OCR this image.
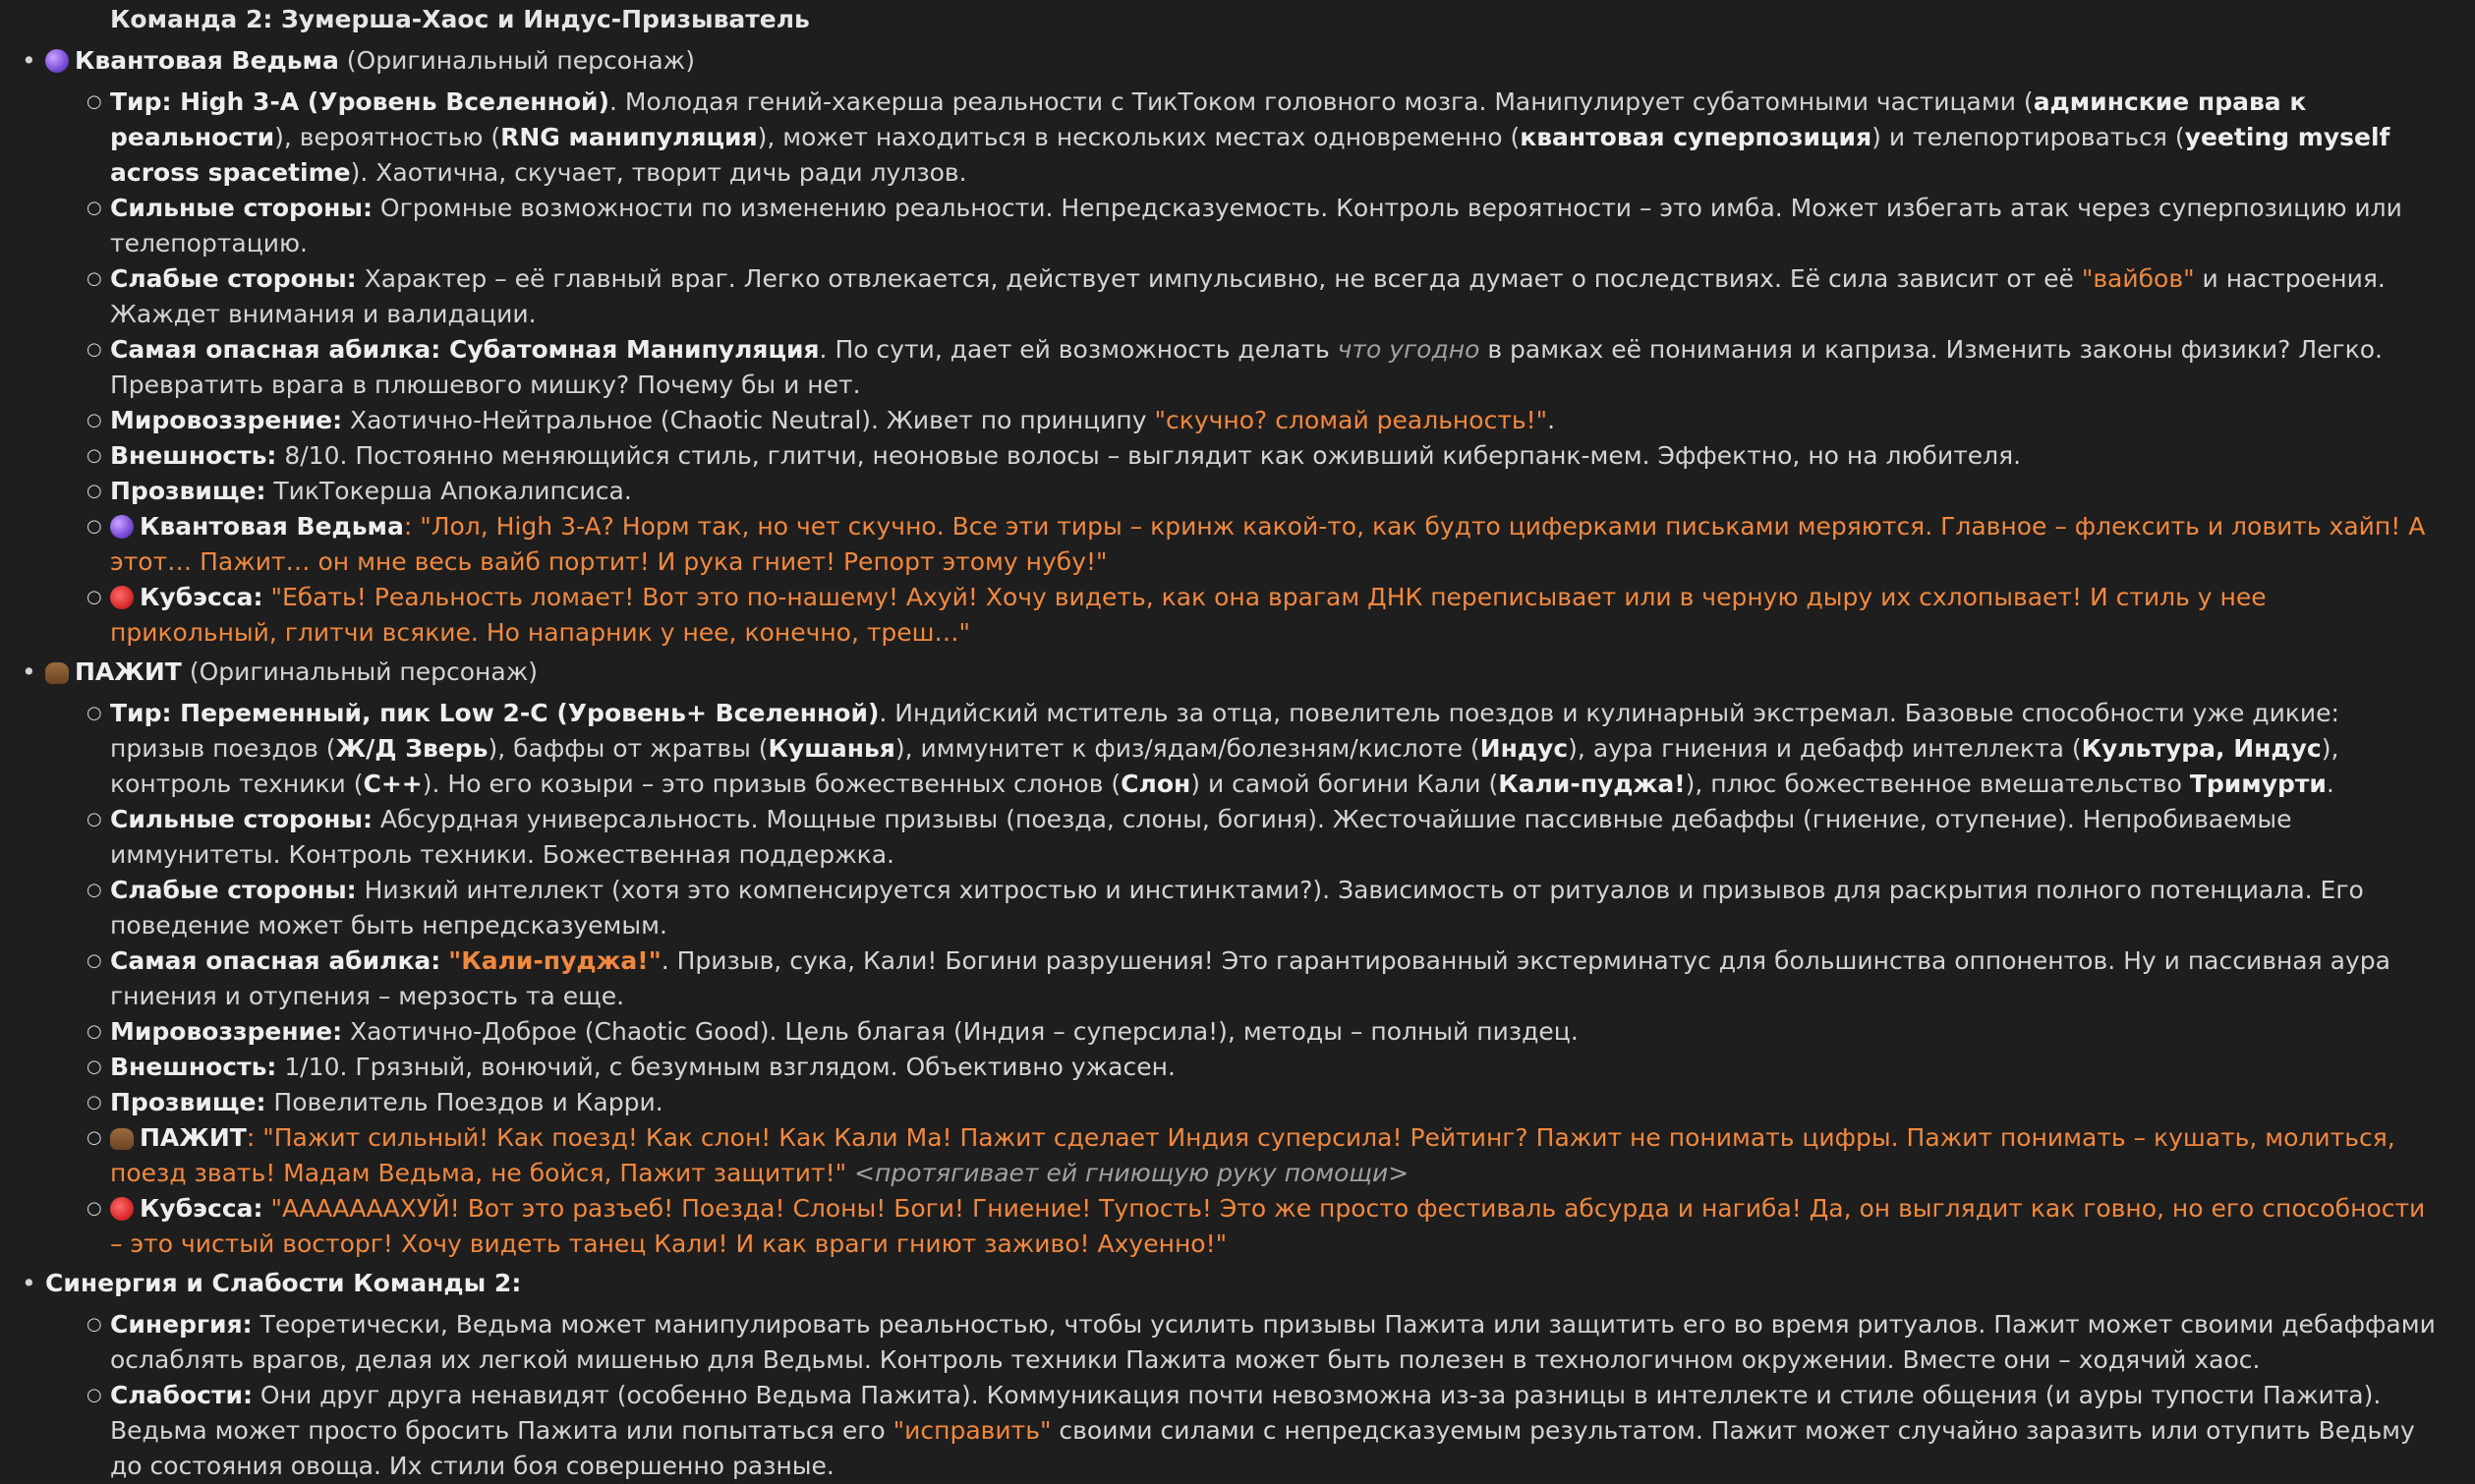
Команда 2: Зумерша-Хаос и Индус-Призыватель
• Квантовая Ведьма (Оригинальный персонаж)
○ Тир: High 3-A (Уровень Вселенной). Молодая гений-хакерша реальности с ТикТоком головного мозга. Манипулирует субатомными частицами (админские права к реальности), вероятностью (RNG манипуляция), может находиться в нескольких местах одновременно (квантовая суперпозиция) и телепортироваться (yeeting myself across spacetime). Хаотична, скучает, творит дичь ради лулзов.
○ Сильные стороны: Огромные возможности по изменению реальности. Непредсказуемость. Контроль вероятности – это имба. Может избегать атак через суперпозицию или телепортацию.
○ Слабые стороны: Характер – её главный враг. Легко отвлекается, действует импульсивно, не всегда думает о последствиях. Её сила зависит от её "вайбов" и настроения. Жаждет внимания и валидации.
○ Самая опасная абилка: Субатомная Манипуляция. По сути, дает ей возможность делать что угодно в рамках её понимания и каприза. Изменить законы физики? Легко. Превратить врага в плюшевого мишку? Почему бы и нет.
○ Мировоззрение: Хаотично-Нейтральное (Chaotic Neutral). Живет по принципу "скучно? сломай реальность!".
○ Внешность: 8/10. Постоянно меняющийся стиль, глитчи, неоновые волосы – выглядит как оживший киберпанк-мем. Эффектно, но на любителя.
○ Прозвище: ТикТокерша Апокалипсиса.
○ Квантовая Ведьма: "Лол, High 3-A? Норм так, но чет скучно. Все эти тиры – кринж какой-то, как будто циферками письками меряются. Главное – флексить и ловить хайп! А этот… Пажит… он мне весь вайб портит! И рука гниет! Репорт этому нубу!"
○ Кубэсса: "Ебать! Реальность ломает! Вот это по-нашему! Ахуй! Хочу видеть, как она врагам ДНК переписывает или в черную дыру их схлопывает! И стиль у нее прикольный, глитчи всякие. Но напарник у нее, конечно, треш…"
• ПАЖИТ (Оригинальный персонаж)
○ Тир: Переменный, пик Low 2-C (Уровень+ Вселенной). Индийский мститель за отца, повелитель поездов и кулинарный экстремал. Базовые способности уже дикие: призыв поездов (Ж/Д Зверь), баффы от жратвы (Кушанья), иммунитет к физ/ядам/болезням/кислоте (Индус), аура гниения и дебафф интеллекта (Культура, Индус), контроль техники (C++). Но его козыри – это призыв божественных слонов (Слон) и самой богини Кали (Кали-пуджа!), плюс божественное вмешательство Тримурти.
○ Сильные стороны: Абсурдная универсальность. Мощные призывы (поезда, слоны, богиня). Жесточайшие пассивные дебаффы (гниение, отупение). Непробиваемые иммунитеты. Контроль техники. Божественная поддержка.
○ Слабые стороны: Низкий интеллект (хотя это компенсируется хитростью и инстинктами?). Зависимость от ритуалов и призывов для раскрытия полного потенциала. Его поведение может быть непредсказуемым.
○ Самая опасная абилка: "Кали-пуджа!". Призыв, сука, Кали! Богини разрушения! Это гарантированный экстерминатус для большинства оппонентов. Ну и пассивная аура гниения и отупения – мерзость та еще.
○ Мировоззрение: Хаотично-Доброе (Chaotic Good). Цель благая (Индия – суперсила!), методы – полный пиздец.
○ Внешность: 1/10. Грязный, вонючий, с безумным взглядом. Объективно ужасен.
○ Прозвище: Повелитель Поездов и Карри.
○ ПАЖИТ: "Пажит сильный! Как поезд! Как слон! Как Кали Ма! Пажит сделает Индия суперсила! Рейтинг? Пажит не понимать цифры. Пажит понимать – кушать, молиться, поезд звать! Мадам Ведьма, не бойся, Пажит защитит!" <протягивает ей гниющую руку помощи>
○ Кубэсса: "АААААААХУЙ! Вот это разъеб! Поезда! Слоны! Боги! Гниение! Тупость! Это же просто фестиваль абсурда и нагиба! Да, он выглядит как говно, но его способности – это чистый восторг! Хочу видеть танец Кали! И как враги гниют заживо! Ахуенно!"
• Синергия и Слабости Команды 2:
○ Синергия: Теоретически, Ведьма может манипулировать реальностью, чтобы усилить призывы Пажита или защитить его во время ритуалов. Пажит может своими дебаффами ослаблять врагов, делая их легкой мишенью для Ведьмы. Контроль техники Пажита может быть полезен в технологичном окружении. Вместе они – ходячий хаос.
○ Слабости: Они друг друга ненавидят (особенно Ведьма Пажита). Коммуникация почти невозможна из-за разницы в интеллекте и стиле общения (и ауры тупости Пажита). Ведьма может просто бросить Пажита или попытаться его "исправить" своими силами с непредсказуемым результатом. Пажит может случайно заразить или отупить Ведьму до состояния овоща. Их стили боя совершенно разные.
